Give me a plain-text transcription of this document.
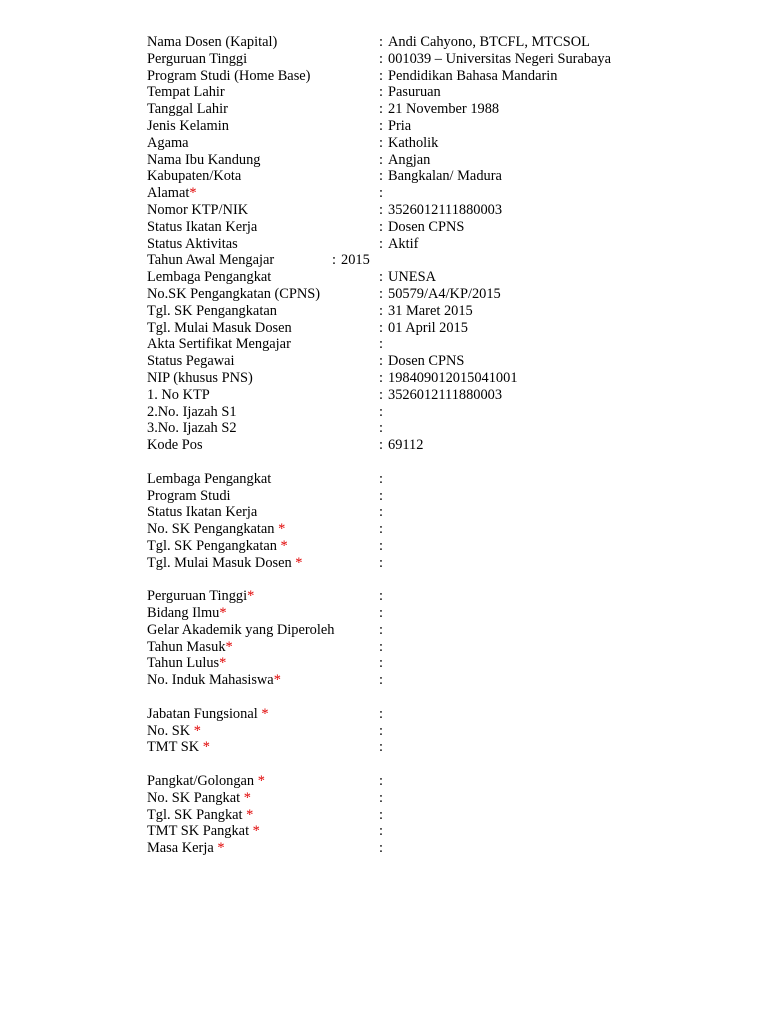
Nama Dosen (Kapital)	: Andi Cahyono, BTCFL, MTCSOL
Perguruan Tinggi	: 001039 – Universitas Negeri Surabaya
Program Studi (Home Base)	: Pendidikan Bahasa Mandarin
Tempat Lahir	: Pasuruan
Tanggal Lahir	: 21 November 1988
Jenis Kelamin	: Pria
Agama	: Katholik
Nama Ibu Kandung	: Angjan
Kabupaten/Kota	: Bangkalan/ Madura
Alamat*	:
Nomor KTP/NIK	: 3526012111880003
Status Ikatan Kerja	: Dosen CPNS
Status Aktivitas	: Aktif
Tahun Awal Mengajar	: 2015
Lembaga Pengangkat	: UNESA
No.SK Pengangkatan (CPNS)	: 50579/A4/KP/2015
Tgl. SK Pengangkatan	: 31 Maret 2015
Tgl. Mulai Masuk Dosen	: 01 April 2015
Akta Sertifikat Mengajar	:
Status Pegawai	: Dosen CPNS
NIP (khusus PNS)	: 198409012015041001
1. No KTP	: 3526012111880003
2.No. Ijazah S1	:
3.No. Ijazah S2	:
Kode Pos	: 69112
Lembaga Pengangkat	:
Program Studi	:
Status Ikatan Kerja	:
No. SK Pengangkatan *	:
Tgl. SK Pengangkatan *	:
Tgl. Mulai Masuk Dosen *	:
Perguruan Tinggi*	:
Bidang Ilmu*	:
Gelar Akademik yang Diperoleh	:
Tahun Masuk*	:
Tahun Lulus*	:
No. Induk Mahasiswa*	:
Jabatan Fungsional *	:
No. SK *	:
TMT SK *	:
Pangkat/Golongan *	:
No. SK Pangkat *	:
Tgl. SK Pangkat *	:
TMT SK Pangkat *	:
Masa Kerja *	:
